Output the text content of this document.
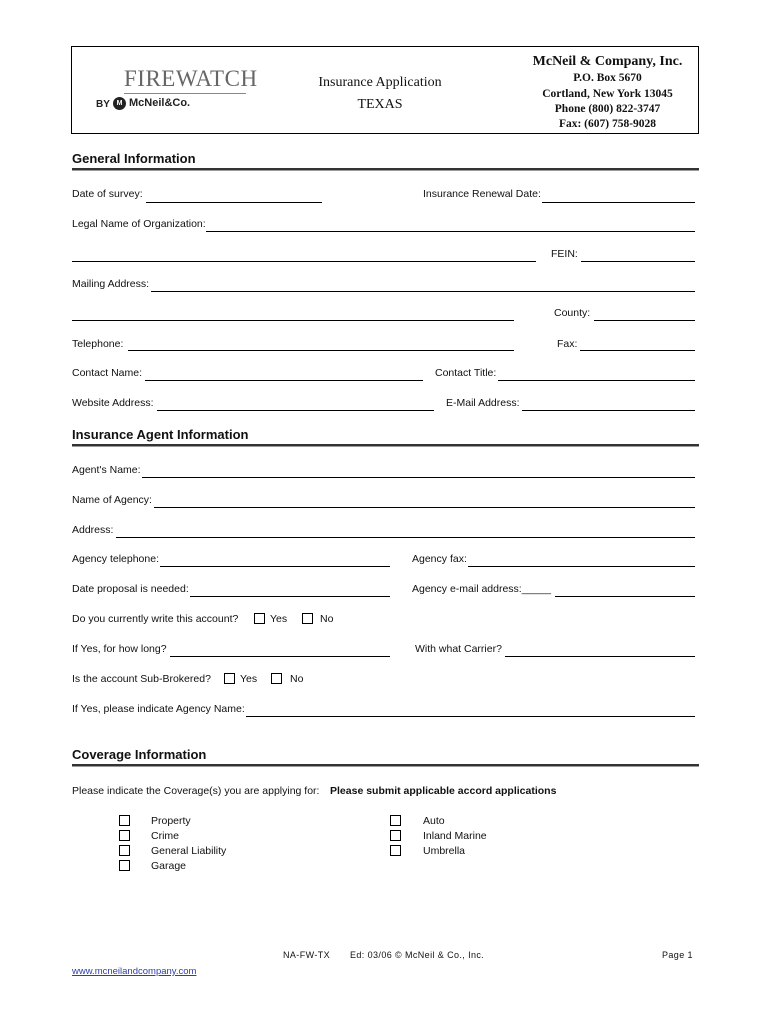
FIREWATCH
BY M McNeil&Co.
Insurance Application
TEXAS
McNeil & Company, Inc.
P.O. Box 5670
Cortland, New York 13045
Phone (800) 822-3747
Fax: (607) 758-9028
General Information
Date of survey:	Insurance Renewal Date:
Legal Name of Organization:
FEIN:
Mailing Address:
County:
Telephone:	Fax:
Contact Name:	Contact Title:
Website Address:	E-Mail Address:
Insurance Agent Information
Agent's Name:
Name of Agency:
Address:
Agency telephone:	Agency fax:
Date proposal is needed:	Agency e-mail address:_____
Do you currently write this account?	Yes	No
If Yes, for how long?	With what Carrier?
Is the account Sub-Brokered?	Yes	No
If Yes, please indicate Agency Name:
Coverage Information
Please indicate the Coverage(s) you are applying for: Please submit applicable accord applications
Property
Crime
General Liability
Garage
Auto
Inland Marine
Umbrella
NA-FW-TX Ed: 03/06 © McNeil & Co., Inc.	Page 1
www.mcneilandcompany.com
